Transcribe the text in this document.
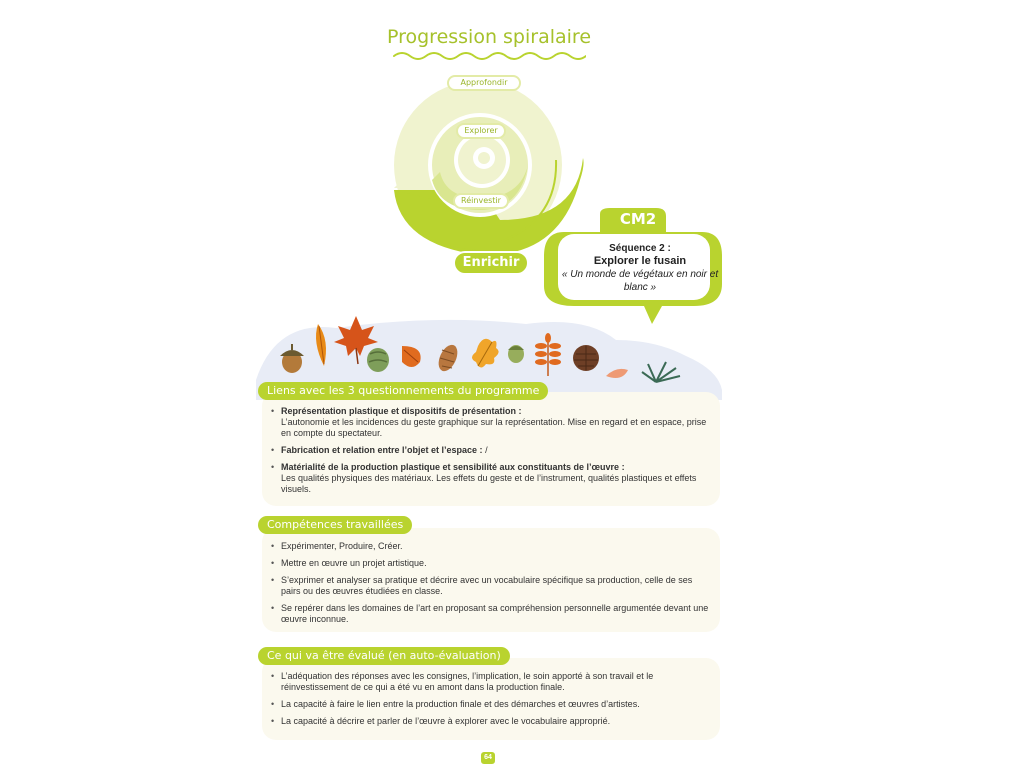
Progression spiralaire
Approfondir
Explorer
Réinvestir
Enrichir
CM2
Séquence 2 :
Explorer le fusain
« Un monde de végétaux en noir et blanc »
Liens avec les 3 questionnements du programme
• Représentation plastique et dispositifs de présentation :
L’autonomie et les incidences du geste graphique sur la représentation. Mise en regard et en espace, prise en compte du spectateur.
• Fabrication et relation entre l’objet et l’espace : /
• Matérialité de la production plastique et sensibilité aux constituants de l’œuvre :
Les qualités physiques des matériaux. Les effets du geste et de l’instrument, qualités plastiques et effets visuels.
Compétences travaillées
• Expérimenter, Produire, Créer.
• Mettre en œuvre un projet artistique.
• S’exprimer et analyser sa pratique et décrire avec un vocabulaire spécifique sa production, celle de ses pairs ou des œuvres étudiées en classe.
• Se repérer dans les domaines de l’art en proposant sa compréhension personnelle argumentée devant une œuvre inconnue.
Ce qui va être évalué (en auto-évaluation)
• L’adéquation des réponses avec les consignes, l’implication, le soin apporté à son travail et le réinvestissement de ce qui a été vu en amont dans la production finale.
• La capacité à faire le lien entre la production finale et des démarches et œuvres d’artistes.
• La capacité à décrire et parler de l’œuvre à explorer avec le vocabulaire approprié.
64
